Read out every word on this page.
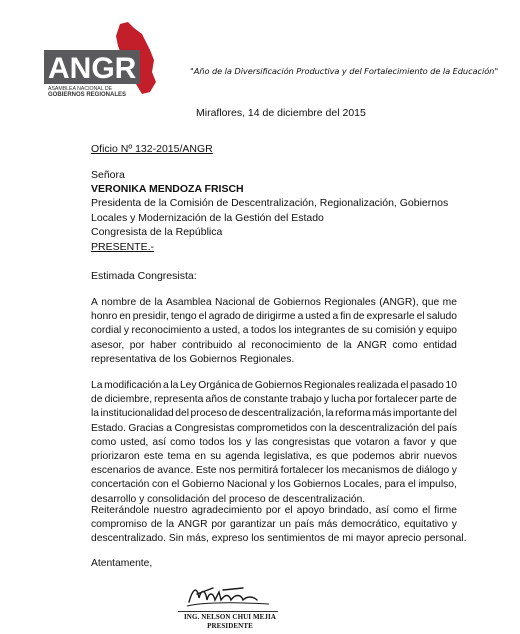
ANGR
ASAMBLEA NACIONAL DE
GOBIERNOS REGIONALES
"Año de la Diversificación Productiva y del Fortalecimiento de la Educación"
Miraflores, 14 de diciembre del 2015
Oficio Nº 132-2015/ANGR
Señora
VERONIKA MENDOZA FRISCH
Presidenta de la Comisión de Descentralización, Regionalización, Gobiernos
Locales y Modernización de la Gestión del Estado
Congresista de la República
PRESENTE.-
Estimada Congresista:
A nombre de la Asamblea Nacional de Gobiernos Regionales (ANGR), que me
honro en presidir, tengo el agrado de dirigirme a usted a fin de expresarle el saludo
cordial y reconocimiento a usted, a todos los integrantes de su comisión y equipo
asesor, por haber contribuido al reconocimiento de la ANGR como entidad
representativa de los Gobiernos Regionales.
La modificación a la Ley Orgánica de Gobiernos Regionales realizada el pasado 10
de diciembre, representa años de constante trabajo y lucha por fortalecer parte de
la institucionalidad del proceso de descentralización, la reforma más importante del
Estado. Gracias a Congresistas comprometidos con la descentralización del país
como usted, así como todos los y las congresistas que votaron a favor y que
priorizaron este tema en su agenda legislativa, es que podemos abrir nuevos
escenarios de avance. Este nos permitirá fortalecer los mecanismos de diálogo y
concertación con el Gobierno Nacional y los Gobiernos Locales, para el impulso,
desarrollo y consolidación del proceso de descentralización.
Reiterándole nuestro agradecimiento por el apoyo brindado, así como el firme
compromiso de la ANGR por garantizar un país más democrático, equitativo y
descentralizado. Sin más, expreso los sentimientos de mi mayor aprecio personal.
Atentamente,
ING. NELSON CHUI MEJIA
PRESIDENTE
